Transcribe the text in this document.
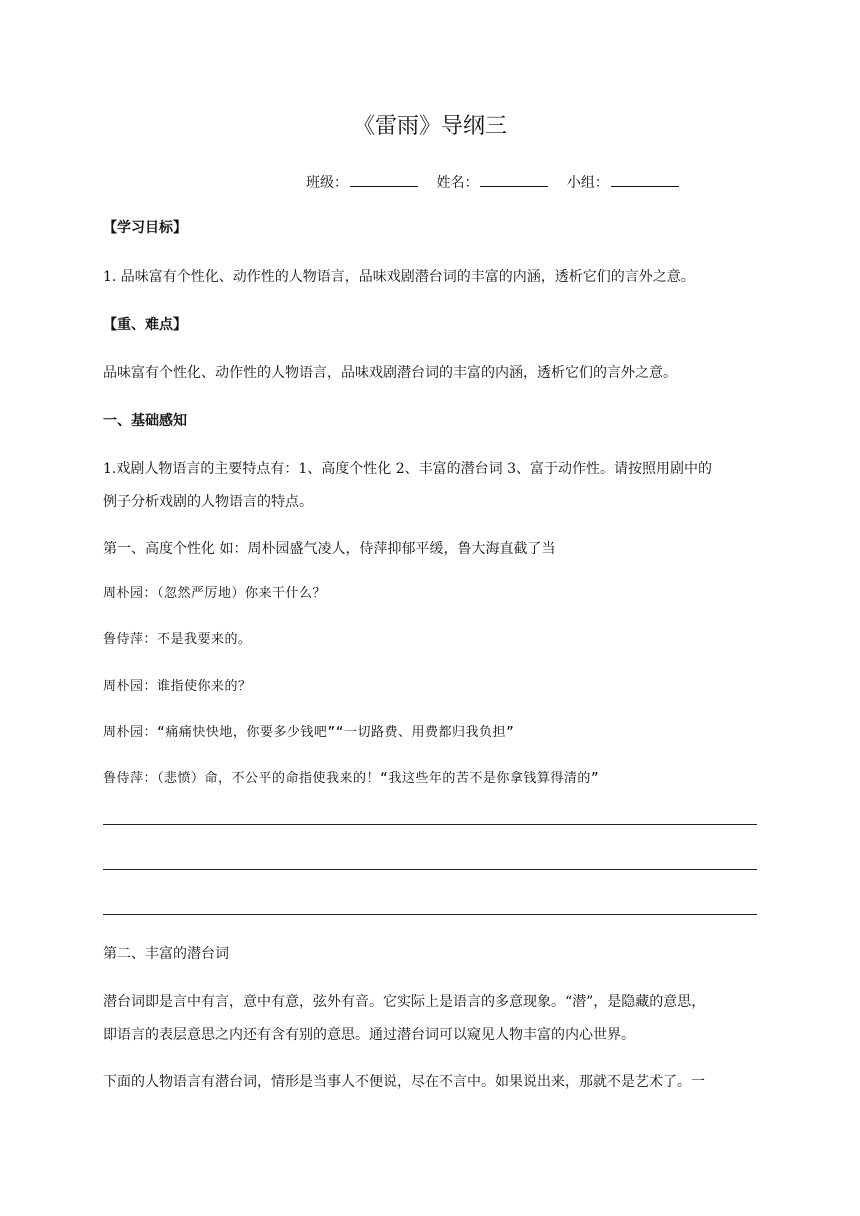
《雷雨》导纲三
班级：	姓名：	小组：
【学习目标】
1. 品味富有个性化、动作性的人物语言，品味戏剧潜台词的丰富的内涵，透析它们的言外之意。
【重、难点】
品味富有个性化、动作性的人物语言，品味戏剧潜台词的丰富的内涵，透析它们的言外之意。
一、基础感知
1.戏剧人物语言的主要特点有：1、高度个性化 2、丰富的潜台词 3、富于动作性。请按照用剧中的
例子分析戏剧的人物语言的特点。
第一、高度个性化 如：周朴园盛气凌人，侍萍抑郁平缓，鲁大海直截了当
周朴园：（忽然严厉地）你来干什么？
鲁侍萍：不是我要来的。
周朴园：谁指使你来的？
周朴园：“痛痛快快地，你要多少钱吧”“一切路费、用费都归我负担”
鲁侍萍：（悲愤）命，不公平的命指使我来的！“我这些年的苦不是你拿钱算得清的”
第二、丰富的潜台词
潜台词即是言中有言，意中有意，弦外有音。它实际上是语言的多意现象。“潜”，是隐藏的意思，
即语言的表层意思之内还有含有别的意思。通过潜台词可以窥见人物丰富的内心世界。
下面的人物语言有潜台词，情形是当事人不便说，尽在不言中。如果说出来，那就不是艺术了。一
